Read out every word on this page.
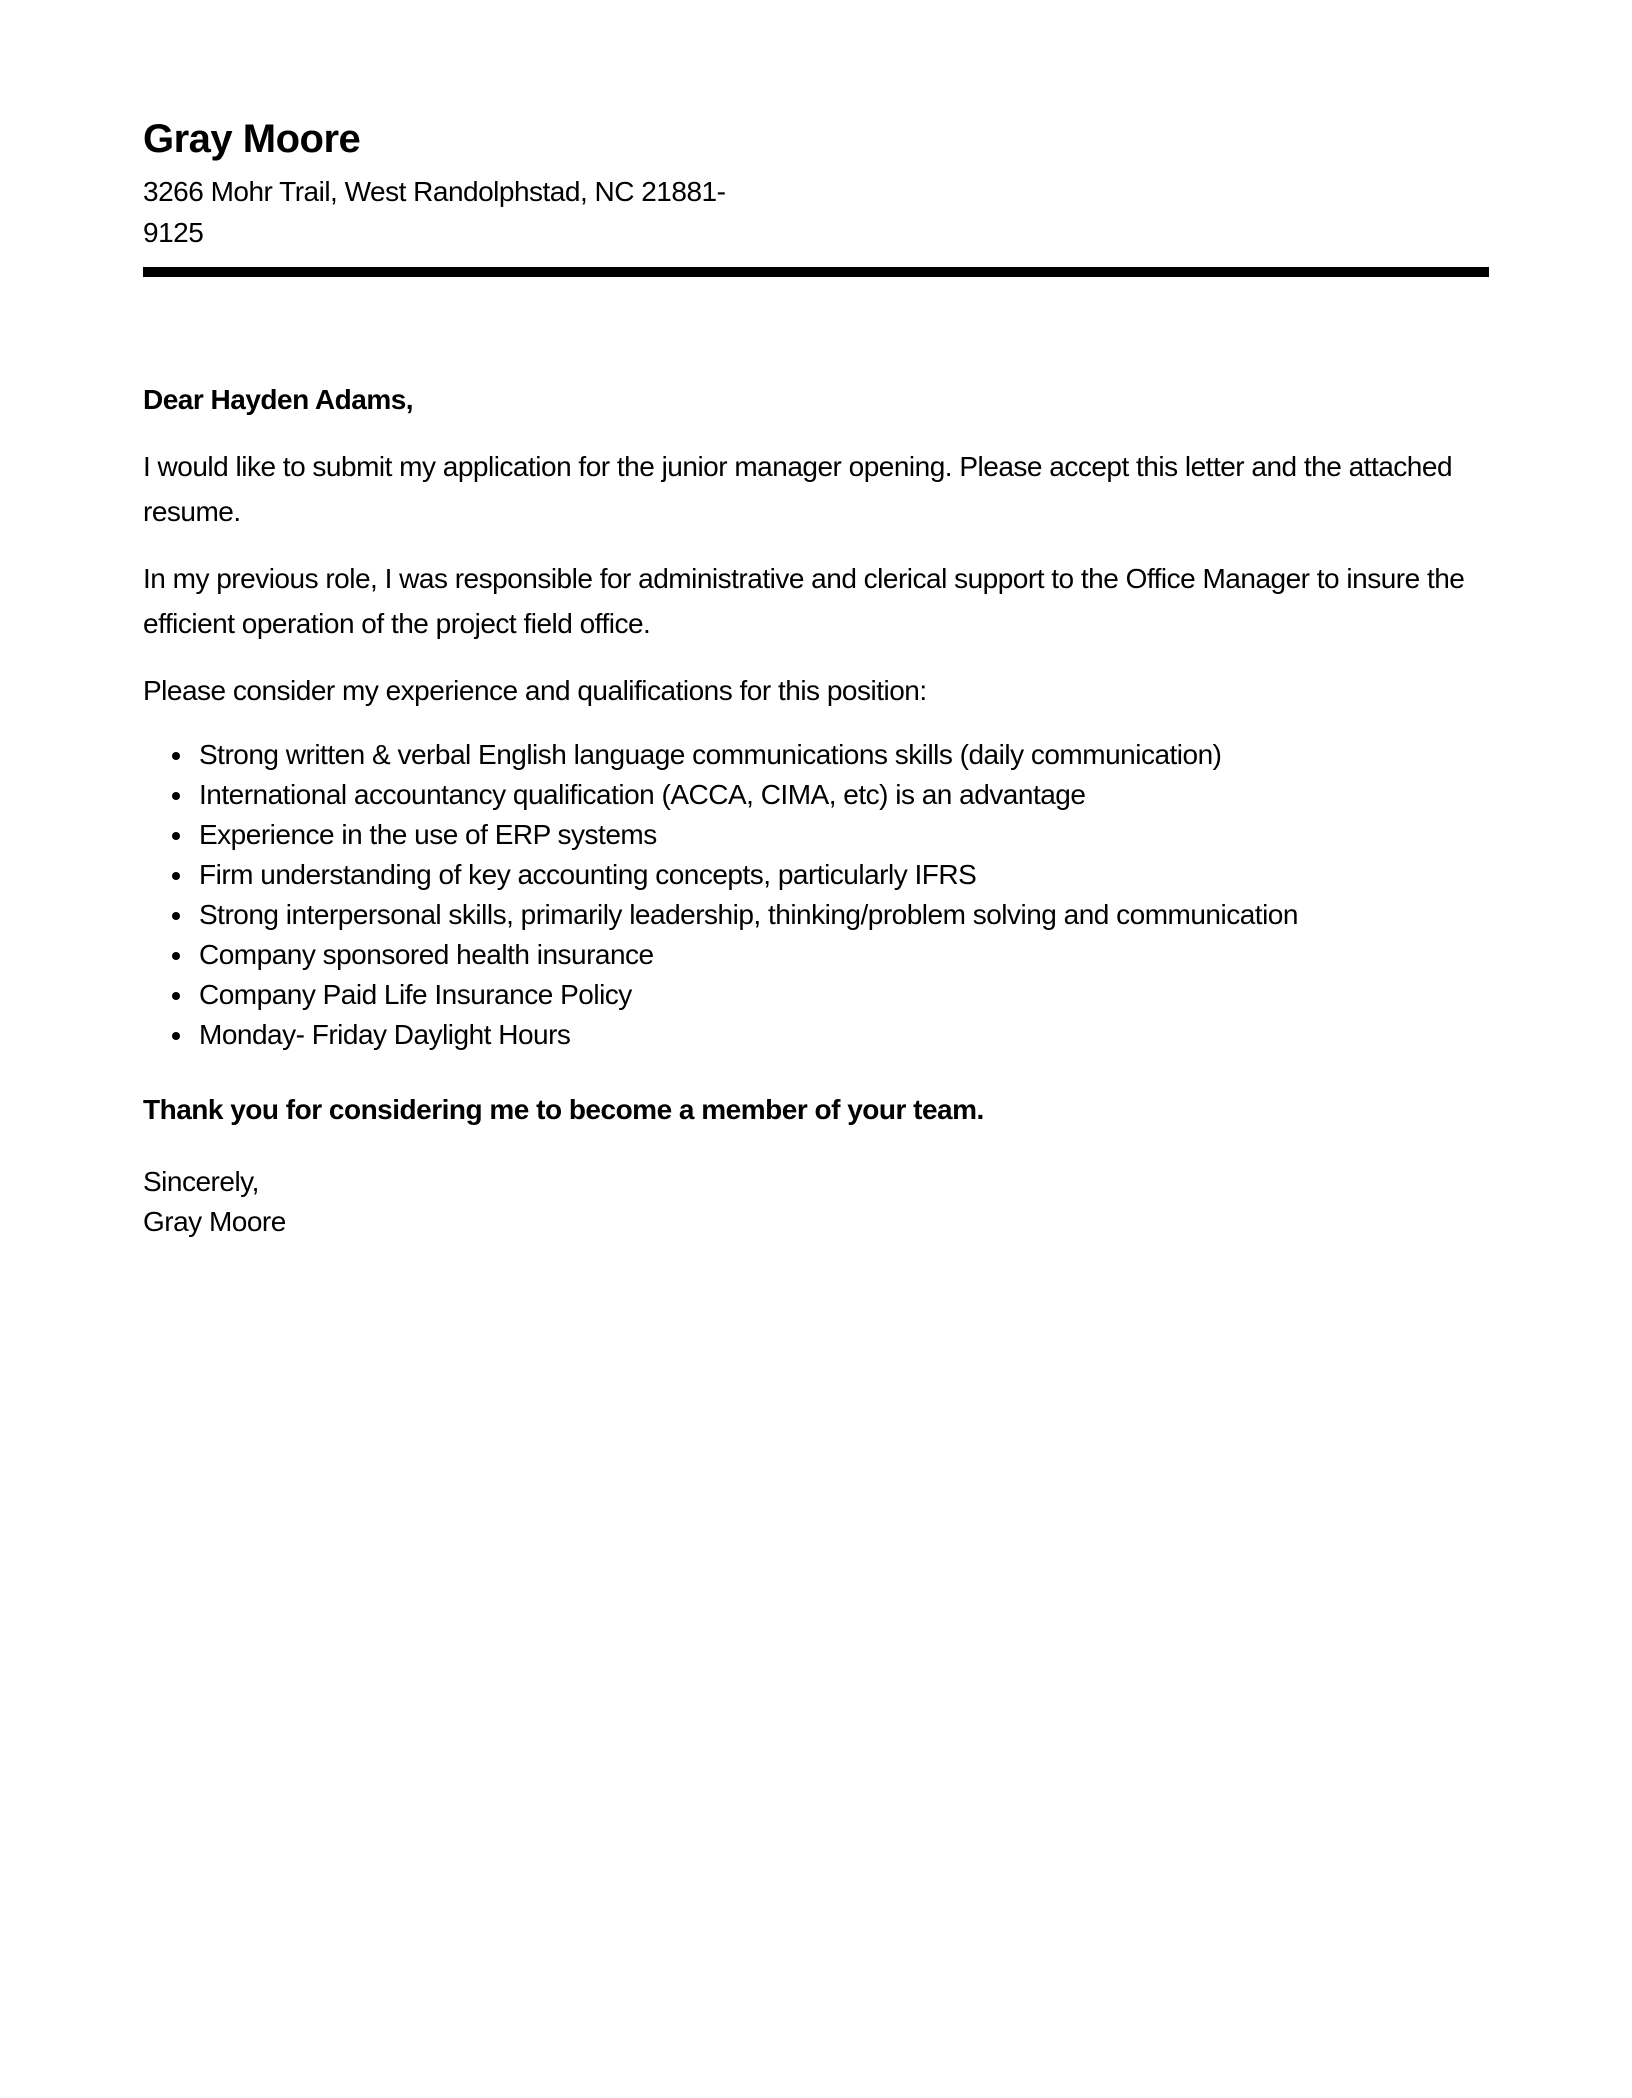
Gray Moore
3266 Mohr Trail, West Randolphstad, NC 21881-
9125

Dear Hayden Adams,

I would like to submit my application for the junior manager opening. Please accept this letter and the attached resume.

In my previous role, I was responsible for administrative and clerical support to the Office Manager to insure the efficient operation of the project field office.

Please consider my experience and qualifications for this position:

• Strong written & verbal English language communications skills (daily communication)
• International accountancy qualification (ACCA, CIMA, etc) is an advantage
• Experience in the use of ERP systems
• Firm understanding of key accounting concepts, particularly IFRS
• Strong interpersonal skills, primarily leadership, thinking/problem solving and communication
• Company sponsored health insurance
• Company Paid Life Insurance Policy
• Monday- Friday Daylight Hours

Thank you for considering me to become a member of your team.

Sincerely,
Gray Moore
